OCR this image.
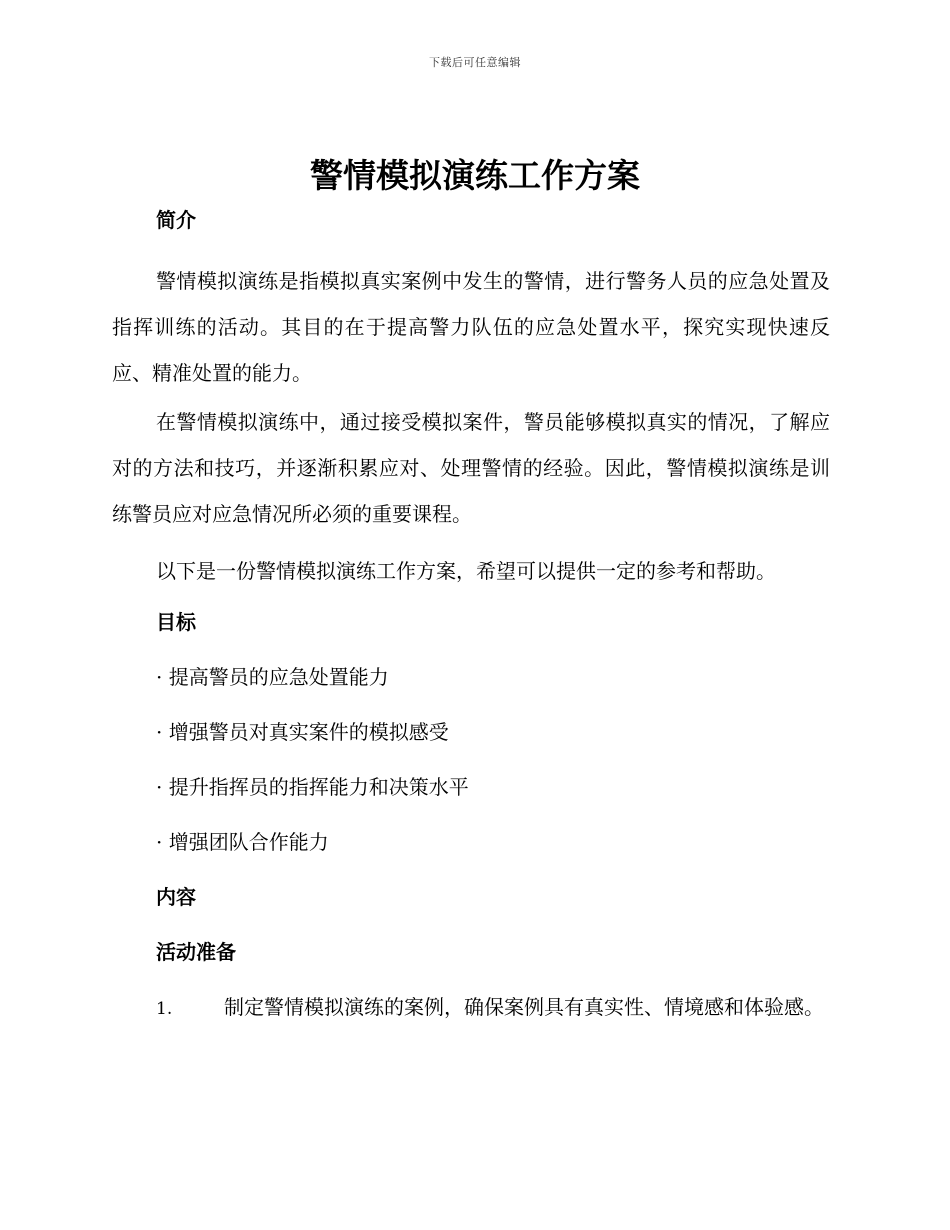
下载后可任意编辑
警情模拟演练工作方案
简介

警情模拟演练是指模拟真实案例中发生的警情，进行警务人员的应急处置及指挥训练的活动。其目的在于提高警力队伍的应急处置水平，探究实现快速反应、精准处置的能力。

在警情模拟演练中，通过接受模拟案件，警员能够模拟真实的情况，了解应对的方法和技巧，并逐渐积累应对、处理警情的经验。因此，警情模拟演练是训练警员应对应急情况所必须的重要课程。

以下是一份警情模拟演练工作方案，希望可以提供一定的参考和帮助。

目标
· 提高警员的应急处置能力
· 增强警员对真实案件的模拟感受
· 提升指挥员的指挥能力和决策水平
· 增强团队合作能力
内容
活动准备

1.	制定警情模拟演练的案例，确保案例具有真实性、情境感和体验感。
